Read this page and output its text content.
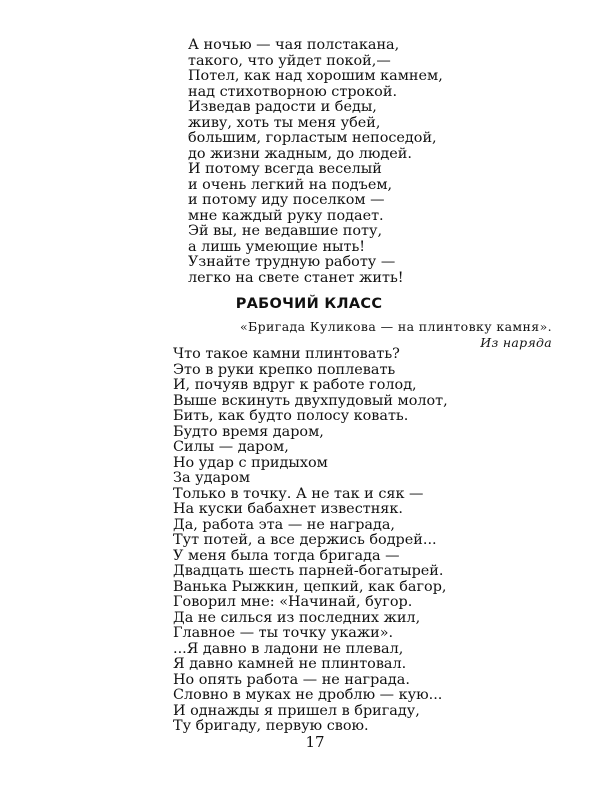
А ночью — чая полстакана,
такого, что уйдет покой,—
Потел, как над хорошим камнем,
над стихотворною строкой.
Изведав радости и беды,
живу, хоть ты меня убей,
большим, горластым непоседой,
до жизни жадным, до людей.
И потому всегда веселый
и очень легкий на подъем,
и потому иду поселком —
мне каждый руку подает.
Эй вы, не ведавшие поту,
а лишь умеющие ныть!
Узнайте трудную работу —
легко на свете станет жить!
РАБОЧИЙ КЛАСС
«Бригада Куликова — на плинтовку камня».
Из наряда
Что такое камни плинтовать?
Это в руки крепко поплевать
И, почуяв вдруг к работе голод,
Выше вскинуть двухпудовый молот,
Бить, как будто полосу ковать.
Будто время даром,
Силы — даром,
Но удар с придыхом
За ударом
Только в точку. А не так и сяк —
На куски бабахнет известняк.
Да, работа эта — не награда,
Тут потей, а все держись бодрей...
У меня была тогда бригада —
Двадцать шесть парней-богатырей.
Ванька Рыжкин, цепкий, как багор,
Говорил мне: «Начинай, бугор.
Да не силься из последних жил,
Главное — ты точку укажи».
...Я давно в ладони не плевал,
Я давно камней не плинтовал.
Но опять работа — не награда.
Словно в муках не дроблю — кую...
И однажды я пришел в бригаду,
Ту бригаду, первую свою.
17
